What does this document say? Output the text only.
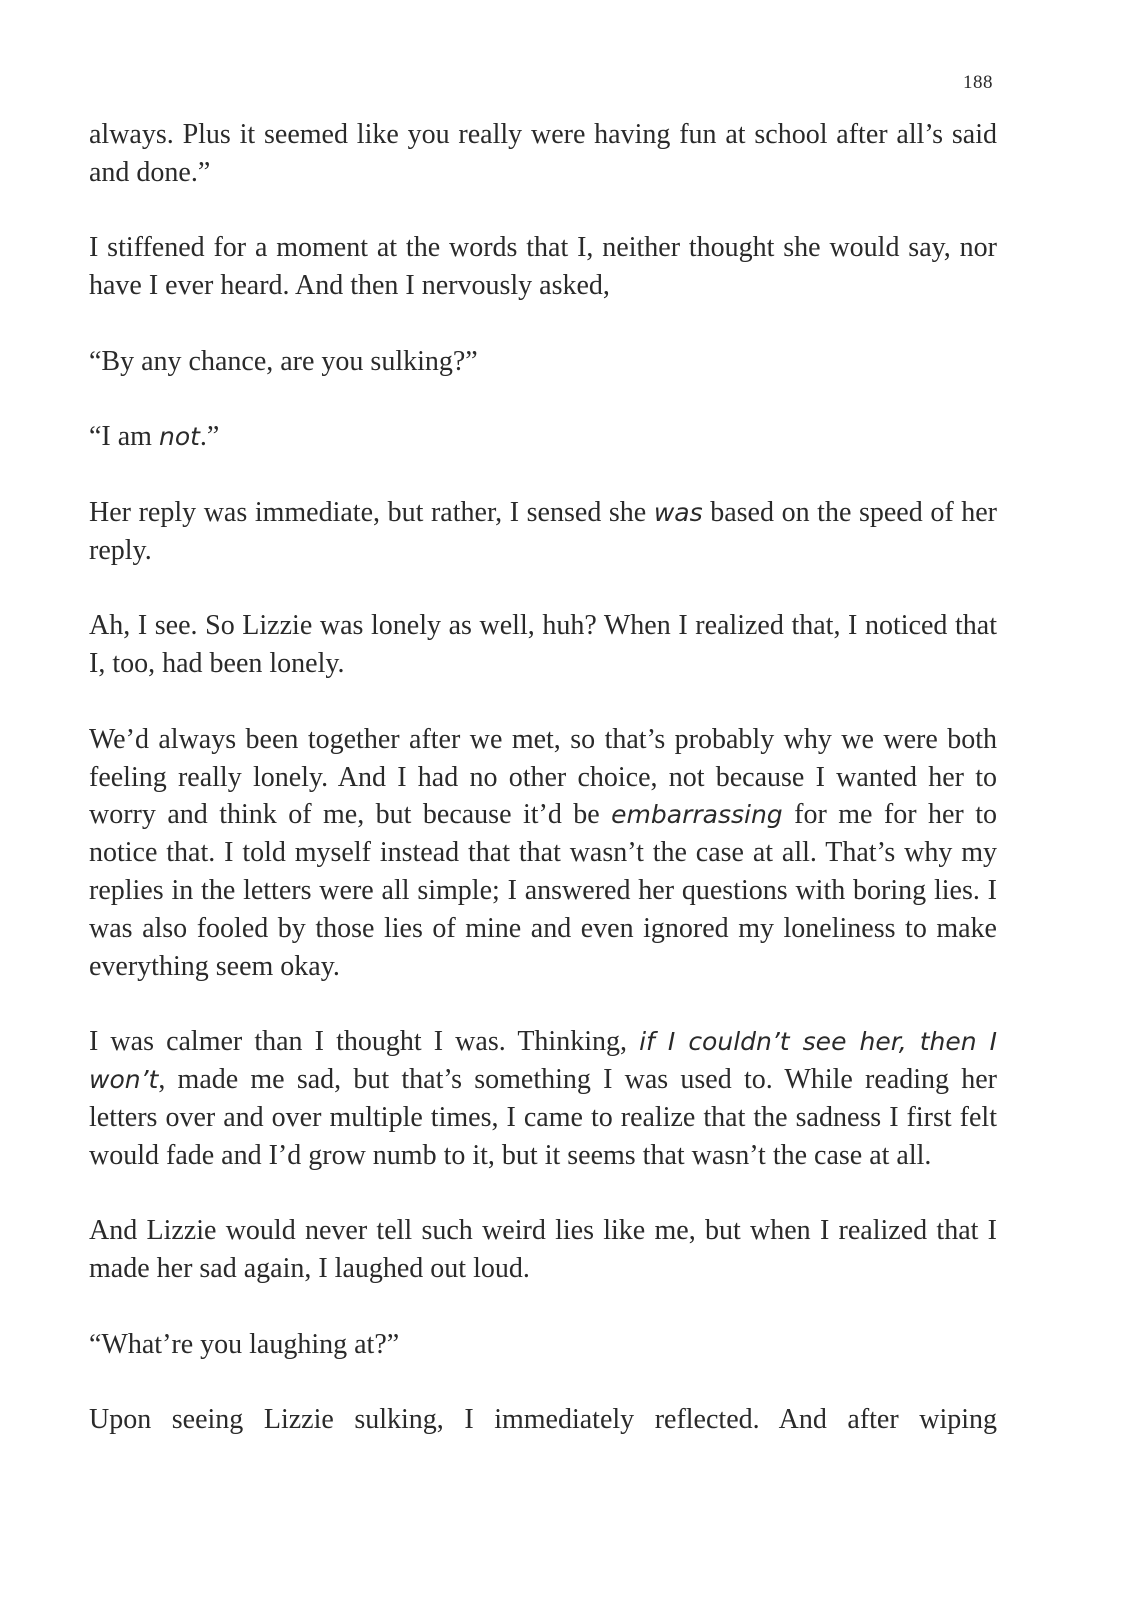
188

always. Plus it seemed like you really were having fun at school after all’s said and done.”

I stiffened for a moment at the words that I, neither thought she would say, nor have I ever heard. And then I nervously asked,

“By any chance, are you sulking?”

“I am not.”

Her reply was immediate, but rather, I sensed she was based on the speed of her reply.

Ah, I see. So Lizzie was lonely as well, huh? When I realized that, I noticed that I, too, had been lonely.

We’d always been together after we met, so that’s probably why we were both feeling really lonely. And I had no other choice, not because I wanted her to worry and think of me, but because it’d be embarrassing for me for her to notice that. I told myself instead that that wasn’t the case at all. That’s why my replies in the letters were all simple; I answered her questions with boring lies. I was also fooled by those lies of mine and even ignored my loneliness to make everything seem okay.

I was calmer than I thought I was. Thinking, if I couldn’t see her, then I won’t, made me sad, but that’s something I was used to. While reading her letters over and over multiple times, I came to realize that the sadness I first felt would fade and I’d grow numb to it, but it seems that wasn’t the case at all.

And Lizzie would never tell such weird lies like me, but when I realized that I made her sad again, I laughed out loud.

“What’re you laughing at?”

Upon seeing Lizzie sulking, I immediately reflected. And after wiping
